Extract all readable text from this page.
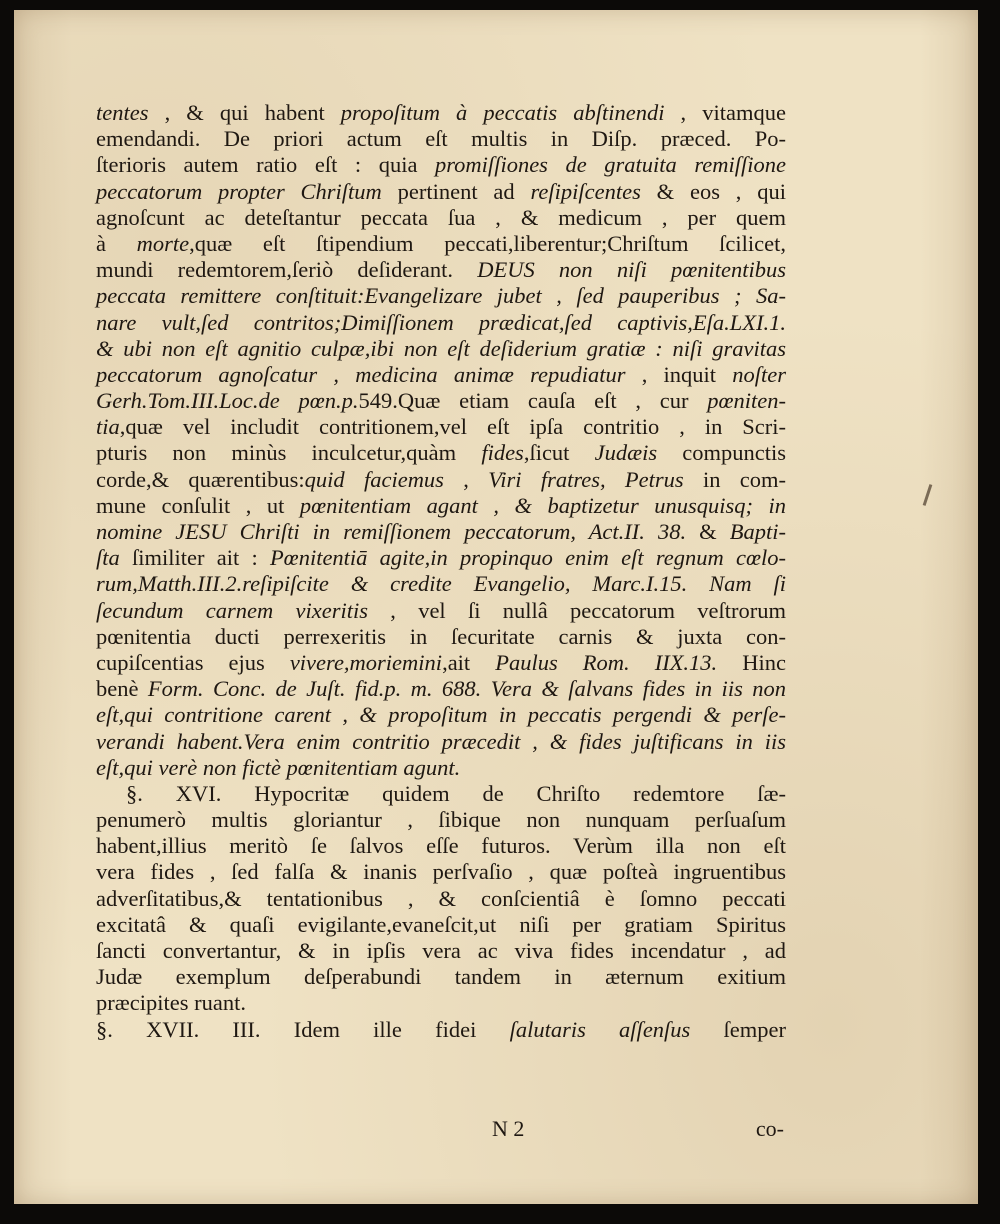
tentes , & qui habent propoſitum à peccatis abſtinendi , vitamque
emendandi. De priori actum eſt multis in Diſp. præced. Po-
ſterioris autem ratio eſt : quia promiſſiones de gratuita remiſſione
peccatorum propter Chriſtum pertinent ad reſipiſcentes & eos , qui
agnoſcunt ac deteſtantur peccata ſua , & medicum , per quem
à morte,quæ eſt ſtipendium peccati,liberentur;Chriſtum ſcilicet,
mundi redemtorem,ſeriò deſiderant. DEUS non niſi pœnitentibus
peccata remittere conſtituit:Evangelizare jubet , ſed pauperibus ; Sa-
nare vult,ſed contritos;Dimiſſionem prædicat,ſed captivis,Eſa.LXI.1.
& ubi non eſt agnitio culpæ,ibi non eſt deſiderium gratiæ : niſi gravitas
peccatorum agnoſcatur , medicina animæ repudiatur , inquit noſter
Gerh.Tom.III.Loc.de pœn.p.549.Quæ etiam cauſa eſt , cur pœniten-
tia,quæ vel includit contritionem,vel eſt ipſa contritio , in Scri-
pturis non minùs inculcetur,quàm fides,ſicut Judæis compunctis
corde,& quærentibus:quid faciemus , Viri fratres, Petrus in com-
mune conſulit , ut pœnitentiam agant , & baptizetur unusquisq; in
nomine JESU Chriſti in remiſſionem peccatorum, Act.II. 38. & Bapti-
ſta ſimiliter ait : Pœnitentiā agite,in propinquo enim eſt regnum cœlo-
rum,Matth.III.2.reſipiſcite & credite Evangelio, Marc.I.15. Nam ſi
ſecundum carnem vixeritis , vel ſi nullâ peccatorum veſtrorum
pœnitentia ducti perrexeritis in ſecuritate carnis & juxta con-
cupiſcentias ejus vivere,moriemini,ait Paulus Rom. IIX.13. Hinc
benè Form. Conc. de Juſt. fid.p. m. 688. Vera & ſalvans fides in iis non
eſt,qui contritione carent , & propoſitum in peccatis pergendi & perſe-
verandi habent.Vera enim contritio præcedit , & fides juſtificans in iis
eſt,qui verè non fictè pœnitentiam agunt.
§. XVI. Hypocritæ quidem de Chriſto redemtore ſæ-
penumerò multis gloriantur , ſibique non nunquam perſuaſum
habent,illius meritò ſe ſalvos eſſe futuros. Verùm illa non eſt
vera fides , ſed falſa & inanis perſvaſio , quæ poſteà ingruentibus
adverſitatibus,& tentationibus , & conſcientiâ è ſomno peccati
excitatâ & quaſi evigilante,evaneſcit,ut niſi per gratiam Spiritus
ſancti convertantur, & in ipſis vera ac viva fides incendatur , ad
Judæ exemplum deſperabundi tandem in æternum exitium
præcipites ruant.
§. XVII. III. Idem ille fidei ſalutaris aſſenſus ſemper
N 2	co-
